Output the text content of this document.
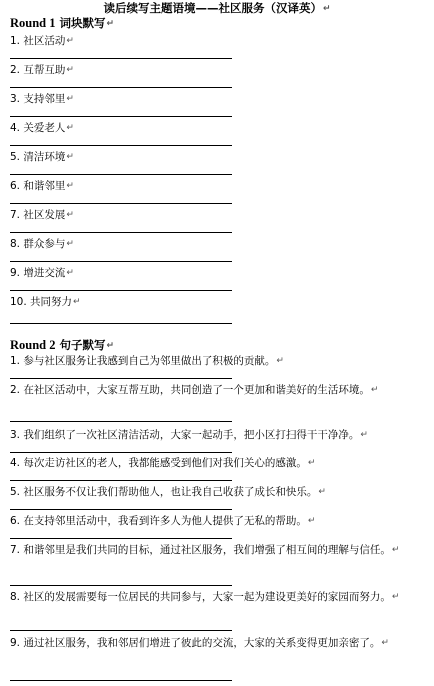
读后续写主题语境——社区服务（汉译英）↵
Round 1 词块默写↵
1. 社区活动↵
2. 互帮互助↵
3. 支持邻里↵
4. 关爱老人↵
5. 清洁环境↵
6. 和谐邻里↵
7. 社区发展↵
8. 群众参与↵
9. 增进交流↵
10. 共同努力↵
Round 2 句子默写↵
1. 参与社区服务让我感到自己为邻里做出了积极的贡献。↵
2. 在社区活动中，大家互帮互助，共同创造了一个更加和谐美好的生活环境。↵
3. 我们组织了一次社区清洁活动，大家一起动手，把小区打扫得干干净净。↵
4. 每次走访社区的老人，我都能感受到他们对我们关心的感激。↵
5. 社区服务不仅让我们帮助他人，也让我自己收获了成长和快乐。↵
6. 在支持邻里活动中，我看到许多人为他人提供了无私的帮助。↵
7. 和谐邻里是我们共同的目标，通过社区服务，我们增强了相互间的理解与信任。↵
8. 社区的发展需要每一位居民的共同参与，大家一起为建设更美好的家园而努力。↵
9. 通过社区服务，我和邻居们增进了彼此的交流，大家的关系变得更加亲密了。↵
